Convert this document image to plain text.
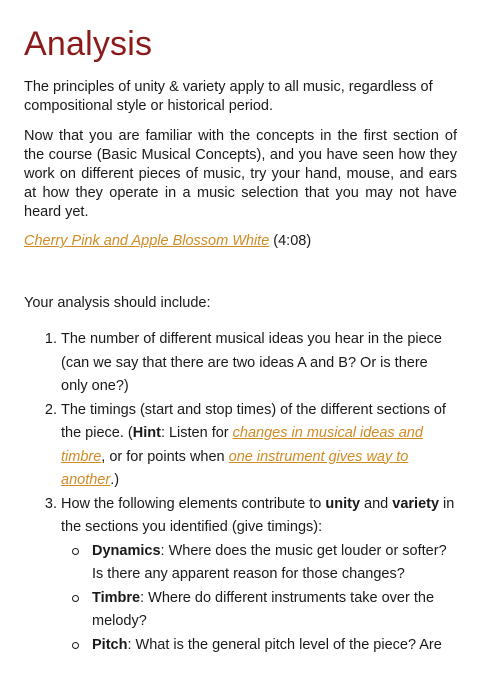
Analysis

The principles of unity & variety apply to all music, regardless of compositional style or historical period.

Now that you are familiar with the concepts in the first section of the course (Basic Musical Concepts), and you have seen how they work on different pieces of music, try your hand, mouse, and ears at how they operate in a music selection that you may not have heard yet.

Cherry Pink and Apple Blossom White (4:08)

Your analysis should include:

1. The number of different musical ideas you hear in the piece (can we say that there are two ideas A and B? Or is there only one?)
2. The timings (start and stop times) of the different sections of the piece. (Hint: Listen for changes in musical ideas and timbre, or for points when one instrument gives way to another.)
3. How the following elements contribute to unity and variety in the sections you identified (give timings):
Dynamics: Where does the music get louder or softer? Is there any apparent reason for those changes?
Timbre: Where do different instruments take over the melody?
Pitch: What is the general pitch level of the piece? Are
